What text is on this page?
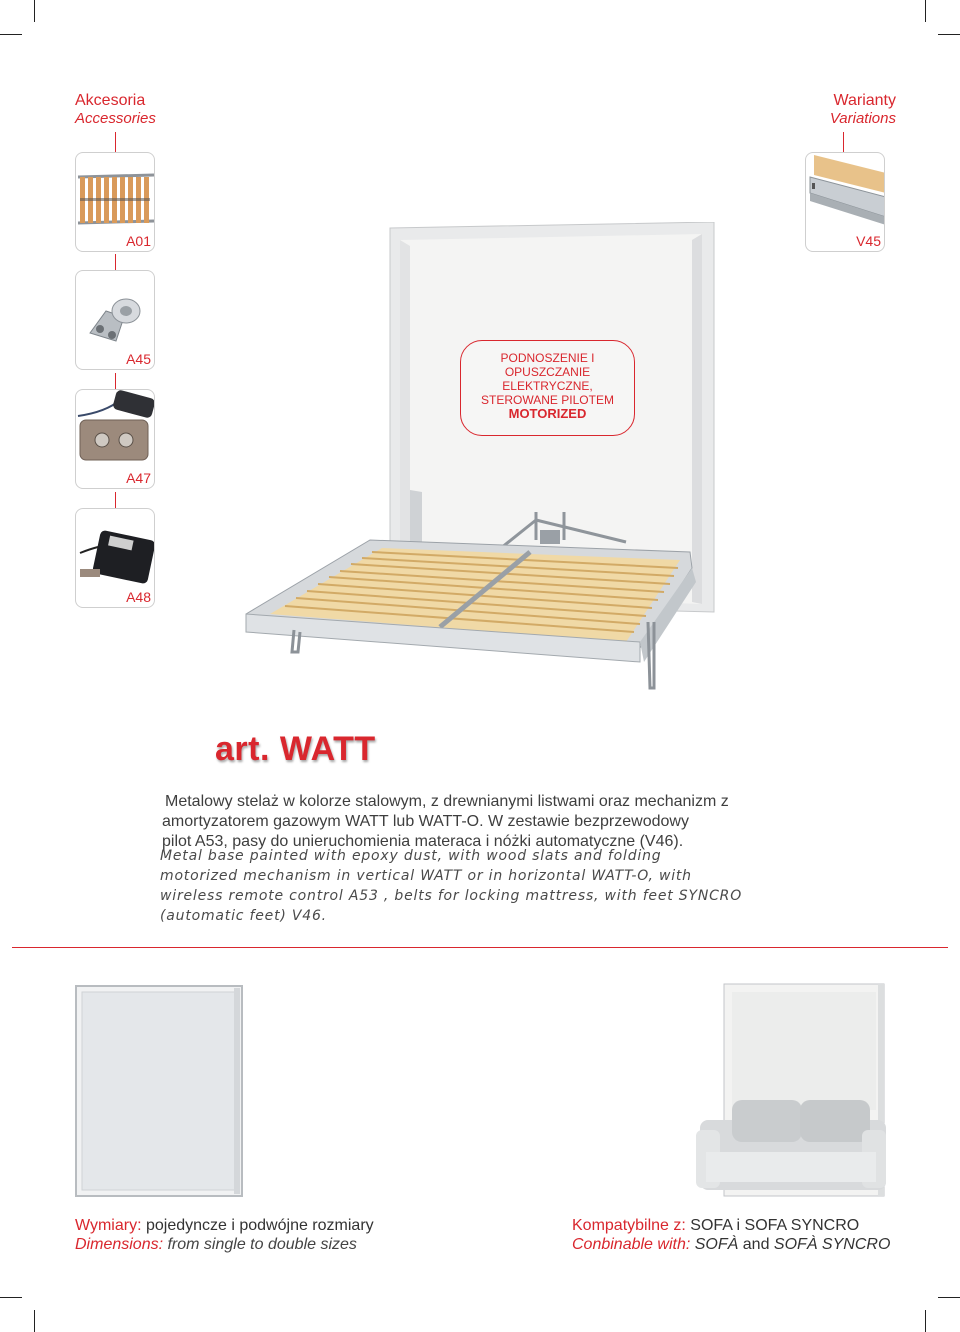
Akcesoria
Accessories
Warianty
Variations
A01
A45
A47
A48
V45
PODNOSZENIE I
OPUSZCZANIE
ELEKTRYCZNE,
STEROWANE PILOTEM
MOTORIZED
art. WATT
Metalowy stelaż w kolorze stalowym, z drewnianymi listwami oraz mechanizm z
amortyzatorem gazowym WATT lub WATT-O. W zestawie bezprzewodowy
pilot A53, pasy do unieruchomienia materaca i nóżki automatyczne (V46).
Metal base painted with epoxy dust, with wood slats and folding
motorized mechanism in vertical WATT or in horizontal WATT-O, with
wireless remote control A53 , belts for locking mattress, with feet SYNCRO
(automatic feet) V46.
Wymiary: pojedyncze i podwójne rozmiary
Dimensions: from single to double sizes
Kompatybilne z: SOFA i SOFA SYNCRO
Conbinable with: SOFÀ and SOFÀ SYNCRO
